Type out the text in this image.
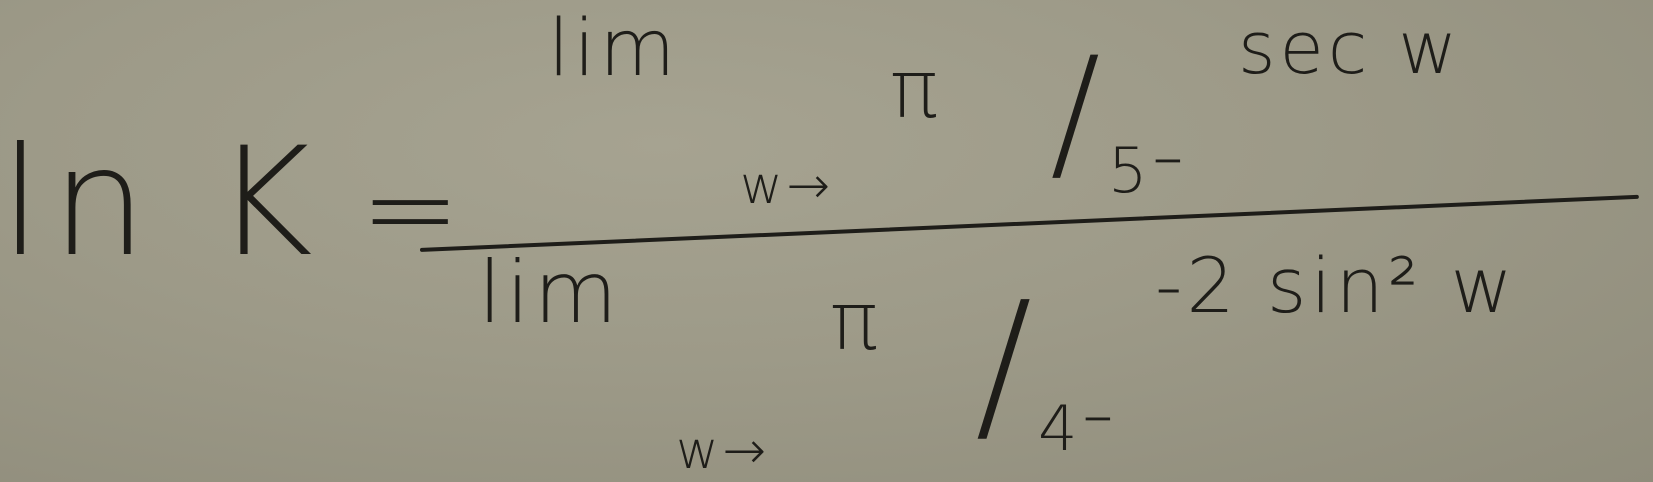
ln K =
lim
w→
π / 5⁻
sec w
lim
w→
π / 4⁻
-2 sin² w
